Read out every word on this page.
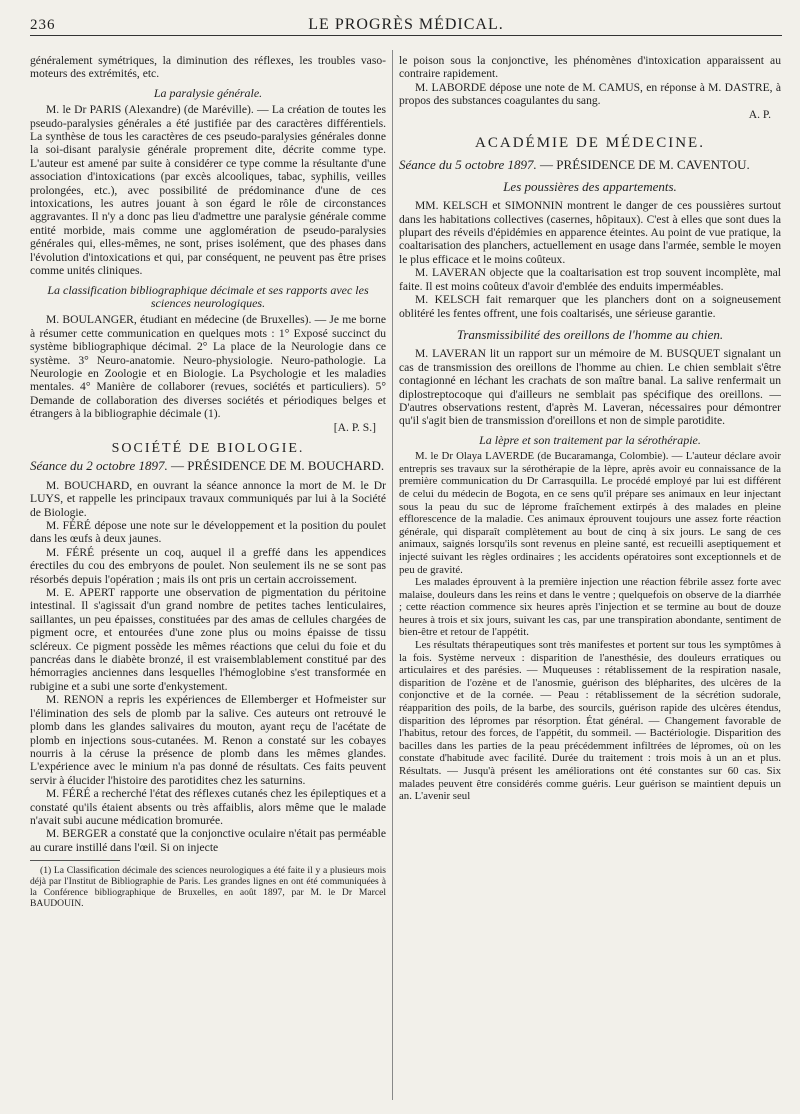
236	LE PROGRÈS MÉDICAL.

généralement symétriques, la diminution des réflexes, les troubles vaso-moteurs des extrémités, etc.

La paralysie générale.

M. le Dr PARIS (Alexandre) (de Maréville). — La création de toutes les pseudo-paralysies générales a été justifiée par des caractères différentiels. La synthèse de tous les caractères de ces pseudo-paralysies générales donne la soi-disant paralysie générale proprement dite, décrite comme type. L'auteur est amené par suite à considérer ce type comme la résultante d'une association d'intoxications (par excès alcooliques, tabac, syphilis, veilles prolongées, etc.), avec possibilité de prédominance d'une de ces intoxications, les autres jouant à son égard le rôle de circonstances aggravantes. Il n'y a donc pas lieu d'admettre une paralysie générale comme entité morbide, mais comme une agglomération de pseudo-paralysies générales qui, elles-mêmes, ne sont, prises isolément, que des phases dans l'évolution d'intoxications et qui, par conséquent, ne peuvent pas être prises comme unités cliniques.

La classification bibliographique décimale et ses rapports avec les sciences neurologiques.

M. BOULANGER, étudiant en médecine (de Bruxelles). — Je me borne à résumer cette communication en quelques mots : 1° Exposé succinct du système bibliographique décimal. 2° La place de la Neurologie dans ce système. 3° Neuro-anatomie. Neuro-physiologie. Neuro-pathologie. La Neurologie en Zoologie et en Biologie. La Psychologie et les maladies mentales. 4° Manière de collaborer (revues, sociétés et particuliers). 5° Demande de collaboration des diverses sociétés et périodiques belges et étrangers à la bibliographie décimale (1).

[A. P. S.]
SOCIÉTÉ DE BIOLOGIE.
Séance du 2 octobre 1897. — PRÉSIDENCE DE M. BOUCHARD.

M. BOUCHARD, en ouvrant la séance annonce la mort de M. le Dr LUYS, et rappelle les principaux travaux communiqués par lui à la Société de Biologie.

M. FÉRÉ dépose une note sur le développement et la position du poulet dans les œufs à deux jaunes.

M. FÉRÉ présente un coq, auquel il a greffé dans les appendices érectiles du cou des embryons de poulet. Non seulement ils ne se sont pas résorbés depuis l'opération ; mais ils ont pris un certain accroissement.

M. E. APERT rapporte une observation de pigmentation du péritoine intestinal. Il s'agissait d'un grand nombre de petites taches lenticulaires, saillantes, un peu épaisses, constituées par des amas de cellules chargées de pigment ocre, et entourées d'une zone plus ou moins épaisse de tissu scléreux. Ce pigment possède les mêmes réactions que celui du foie et du pancréas dans le diabète bronzé, il est vraisemblablement constitué par des hémorragies anciennes dans lesquelles l'hémoglobine s'est transformée en rubigine et a subi une sorte d'enkystement.

M. RENON a repris les expériences de Ellemberger et Hofmeister sur l'élimination des sels de plomb par la salive. Ces auteurs ont retrouvé le plomb dans les glandes salivaires du mouton, ayant reçu de l'acétate de plomb en injections sous-cutanées. M. Renon a constaté sur les cobayes nourris à la céruse la présence de plomb dans les mêmes glandes. L'expérience avec le minium n'a pas donné de résultats. Ces faits peuvent servir à élucider l'histoire des parotidites chez les saturnins.

M. FÉRÉ a recherché l'état des réflexes cutanés chez les épileptiques et a constaté qu'ils étaient absents ou très affaiblis, alors même que le malade n'avait subi aucune médication bromurée.

M. BERGER a constaté que la conjonctive oculaire n'était pas perméable au curare instillé dans l'œil. Si on injecte

(1) La Classification décimale des sciences neurologiques a été faite il y a plusieurs mois déjà par l'Institut de Bibliographie de Paris. Les grandes lignes en ont été communiquées à la Conférence bibliographique de Bruxelles, en août 1897, par M. le Dr Marcel BAUDOUIN.

le poison sous la conjonctive, les phénomènes d'intoxication apparaissent au contraire rapidement.

M. LABORDE dépose une note de M. CAMUS, en réponse à M. DASTRE, à propos des substances coagulantes du sang.

A. P.
ACADÉMIE DE MÉDECINE.
Séance du 5 octobre 1897. — PRÉSIDENCE DE M. CAVENTOU.
Les poussières des appartements.

MM. KELSCH et SIMONNIN montrent le danger de ces poussières surtout dans les habitations collectives (casernes, hôpitaux). C'est à elles que sont dues la plupart des réveils d'épidémies en apparence éteintes. Au point de vue pratique, la coaltarisation des planchers, actuellement en usage dans l'armée, semble le moyen le plus efficace et le moins coûteux.

M. LAVERAN objecte que la coaltarisation est trop souvent incomplète, mal faite. Il est moins coûteux d'avoir d'emblée des enduits imperméables.

M. KELSCH fait remarquer que les planchers dont on a soigneusement oblitéré les fentes offrent, une fois coaltarisés, une sérieuse garantie.

Transmissibilité des oreillons de l'homme au chien.

M. LAVERAN lit un rapport sur un mémoire de M. BUSQUET signalant un cas de transmission des oreillons de l'homme au chien. Le chien semblait s'être contagionné en léchant les crachats de son maître banal. La salive renfermait un diplostreptocoque qui d'ailleurs ne semblait pas spécifique des oreillons. — D'autres observations restent, d'après M. Laveran, nécessaires pour démontrer qu'il s'agit bien de transmission d'oreillons et non de simple parotidite.

La lèpre et son traitement par la sérothérapie.

M. le Dr Olaya LAVERDE (de Bucaramanga, Colombie). — L'auteur déclare avoir entrepris ses travaux sur la sérothérapie de la lèpre, après avoir eu connaissance de la première communication du Dr Carrasquilla. Le procédé employé par lui est différent de celui du médecin de Bogota, en ce sens qu'il prépare ses animaux en leur injectant sous la peau du suc de léprome fraîchement extirpés à des malades en pleine efflorescence de la maladie. Ces animaux éprouvent toujours une assez forte réaction générale, qui disparaît complètement au bout de cinq à six jours. Le sang de ces animaux, saignés lorsqu'ils sont revenus en pleine santé, est recueilli aseptiquement et injecté suivant les règles ordinaires ; les accidents opératoires sont exceptionnels et de peu de gravité.

Les malades éprouvent à la première injection une réaction fébrile assez forte avec malaise, douleurs dans les reins et dans le ventre ; quelquefois on observe de la diarrhée ; cette réaction commence six heures après l'injection et se termine au bout de douze heures à trois et six jours, suivant les cas, par une transpiration abondante, sentiment de bien-être et retour de l'appétit.

Les résultats thérapeutiques sont très manifestes et portent sur tous les symptômes à la fois. Système nerveux : disparition de l'anesthésie, des douleurs erratiques ou articulaires et des parésies. — Muqueuses : rétablissement de la respiration nasale, disparition de l'ozène et de l'anosmie, guérison des blépharites, des ulcères de la conjonctive et de la cornée. — Peau : rétablissement de la sécrétion sudorale, réapparition des poils, de la barbe, des sourcils, guérison rapide des ulcères étendus, disparition des lépromes par résorption. État général. — Changement favorable de l'habitus, retour des forces, de l'appétit, du sommeil. — Bactériologie. Disparition des bacilles dans les parties de la peau précédemment infiltrées de lépromes, où on les constate d'habitude avec facilité. Durée du traitement : trois mois à un an et plus. Résultats. — Jusqu'à présent les améliorations ont été constantes sur 60 cas. Six malades peuvent être considérés comme guéris. Leur guérison se maintient depuis un an. L'avenir seul
